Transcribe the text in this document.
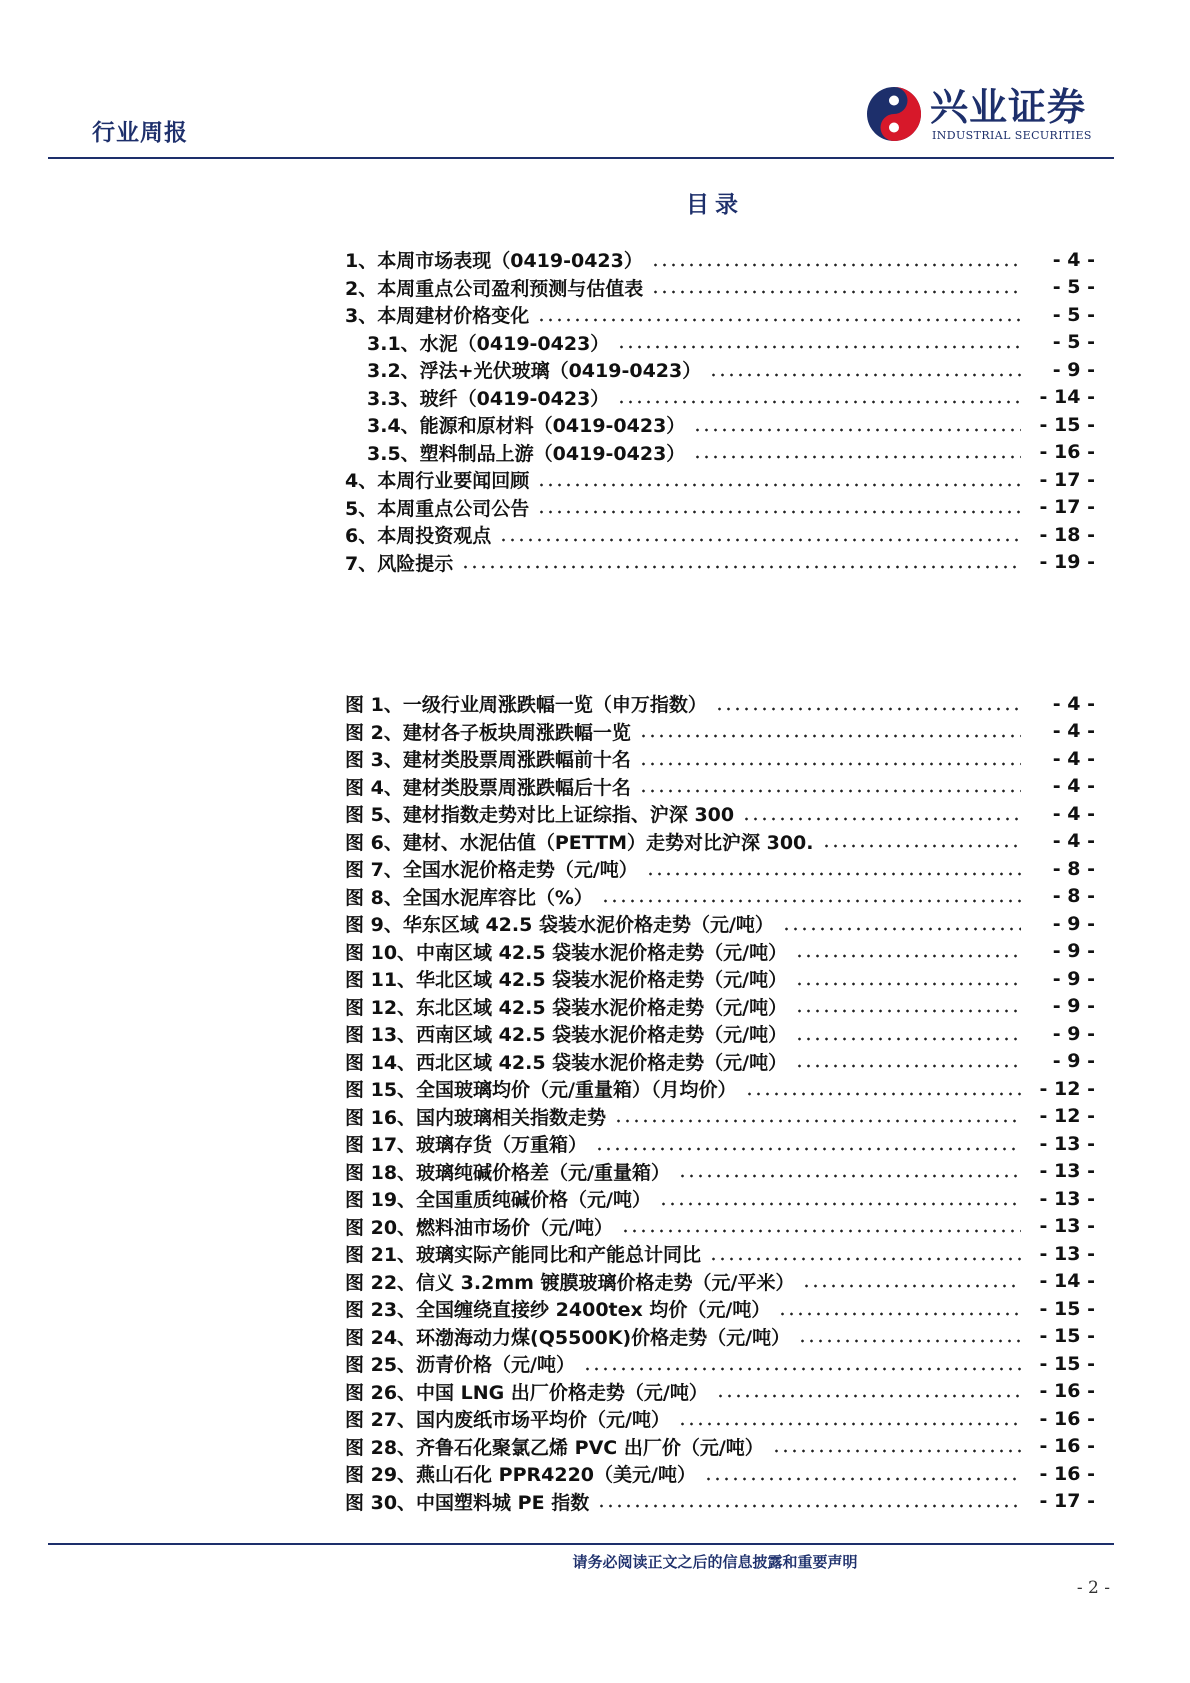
行业周报
兴业证券
INDUSTRIAL SECURITIES
目录
1、本周市场表现（0419-0423）	- 4 -
2、本周重点公司盈利预测与估值表	- 5 -
3、本周建材价格变化	- 5 -
3.1、水泥（0419-0423）	- 5 -
3.2、浮法+光伏玻璃（0419-0423）	- 9 -
3.3、玻纤（0419-0423）	- 14 -
3.4、能源和原材料（0419-0423）	- 15 -
3.5、塑料制品上游（0419-0423）	- 16 -
4、本周行业要闻回顾	- 17 -
5、本周重点公司公告	- 17 -
6、本周投资观点	- 18 -
7、风险提示	- 19 -
图 1、一级行业周涨跌幅一览（申万指数）	- 4 -
图 2、建材各子板块周涨跌幅一览	- 4 -
图 3、建材类股票周涨跌幅前十名	- 4 -
图 4、建材类股票周涨跌幅后十名	- 4 -
图 5、建材指数走势对比上证综指、沪深 300	- 4 -
图 6、建材、水泥估值（PETTM）走势对比沪深 300.	- 4 -
图 7、全国水泥价格走势（元/吨）	- 8 -
图 8、全国水泥库容比（%）	- 8 -
图 9、华东区域 42.5 袋装水泥价格走势（元/吨）	- 9 -
图 10、中南区域 42.5 袋装水泥价格走势（元/吨）	- 9 -
图 11、华北区域 42.5 袋装水泥价格走势（元/吨）	- 9 -
图 12、东北区域 42.5 袋装水泥价格走势（元/吨）	- 9 -
图 13、西南区域 42.5 袋装水泥价格走势（元/吨）	- 9 -
图 14、西北区域 42.5 袋装水泥价格走势（元/吨）	- 9 -
图 15、全国玻璃均价（元/重量箱）（月均价）	- 12 -
图 16、国内玻璃相关指数走势	- 12 -
图 17、玻璃存货（万重箱）	- 13 -
图 18、玻璃纯碱价格差（元/重量箱）	- 13 -
图 19、全国重质纯碱价格（元/吨）	- 13 -
图 20、燃料油市场价（元/吨）	- 13 -
图 21、玻璃实际产能同比和产能总计同比	- 13 -
图 22、信义 3.2mm 镀膜玻璃价格走势（元/平米）	- 14 -
图 23、全国缠绕直接纱 2400tex 均价（元/吨）	- 15 -
图 24、环渤海动力煤(Q5500K)价格走势（元/吨）	- 15 -
图 25、沥青价格（元/吨）	- 15 -
图 26、中国 LNG 出厂价格走势（元/吨）	- 16 -
图 27、国内废纸市场平均价（元/吨）	- 16 -
图 28、齐鲁石化聚氯乙烯 PVC 出厂价（元/吨）	- 16 -
图 29、燕山石化 PPR4220（美元/吨）	- 16 -
图 30、中国塑料城 PE 指数	- 17 -
请务必阅读正文之后的信息披露和重要声明
- 2 -
